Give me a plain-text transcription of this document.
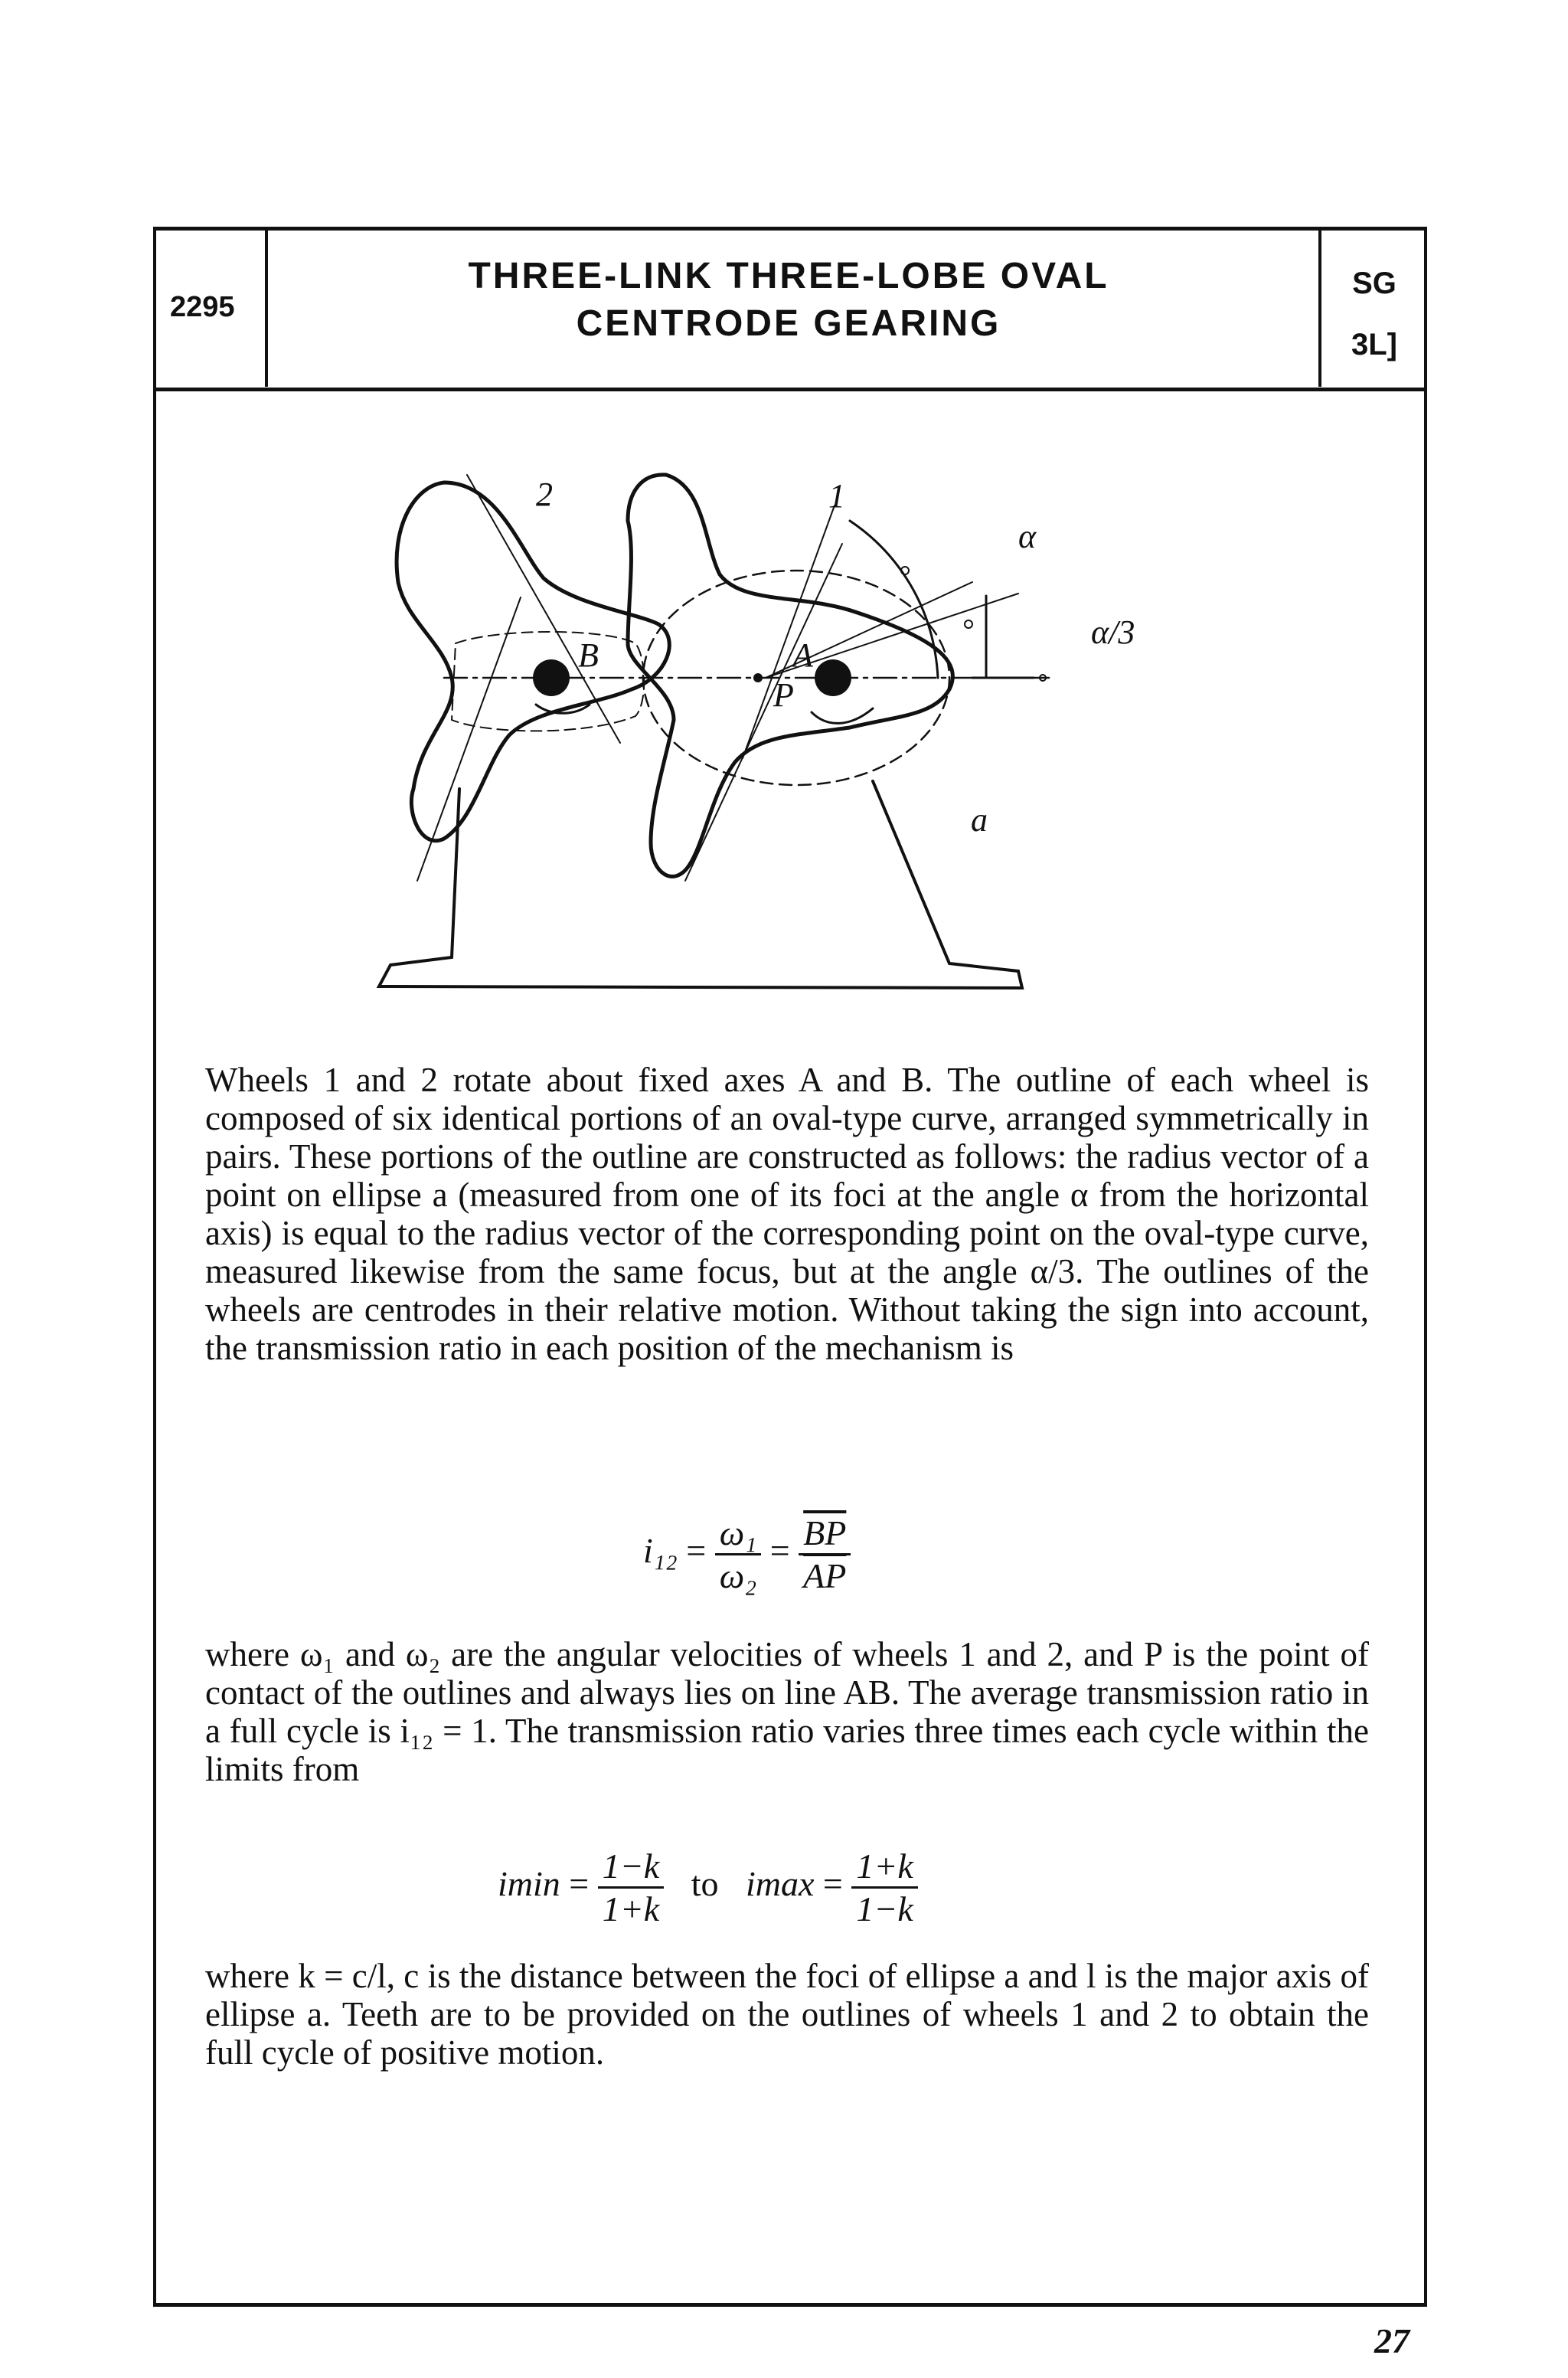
2295
THREE-LINK THREE-LOBE OVAL
CENTRODE GEARING
SG
3L]
2	1
B	A
P
a
α
α/3
Wheels 1 and 2 rotate about fixed axes A and B. The outline of each wheel is composed of six identical portions of an oval-type curve, arranged symmetrically in pairs. These portions of the outline are constructed as follows: the radius vector of a point on ellipse a (measured from one of its foci at the angle α from the horizontal axis) is equal to the radius vector of the corresponding point on the oval-type curve, measured likewise from the same focus, but at the angle α/3. The outlines of the wheels are centrodes in their relative motion. Without taking the sign into account, the transmission ratio in each position of the mechanism is
$i_{12} = \frac{\text{ω₁}}{\text{ω₂}} = \frac{\overline{BP}}{AP}$
where ω₁ and ω₂ are the angular velocities of wheels 1 and 2, and P is the point of contact of the outlines and always lies on line AB. The average transmission ratio in a full cycle is i₁₂ = 1. The transmission ratio varies three times each cycle within the limits from
$imin = \frac{1-k}{1+k}$ to $imax = \frac{1+k}{1-k}$
where k = c/l, c is the distance between the foci of ellipse a and l is the major axis of ellipse a. Teeth are to be provided on the outlines of wheels 1 and 2 to obtain the full cycle of positive motion.
27
